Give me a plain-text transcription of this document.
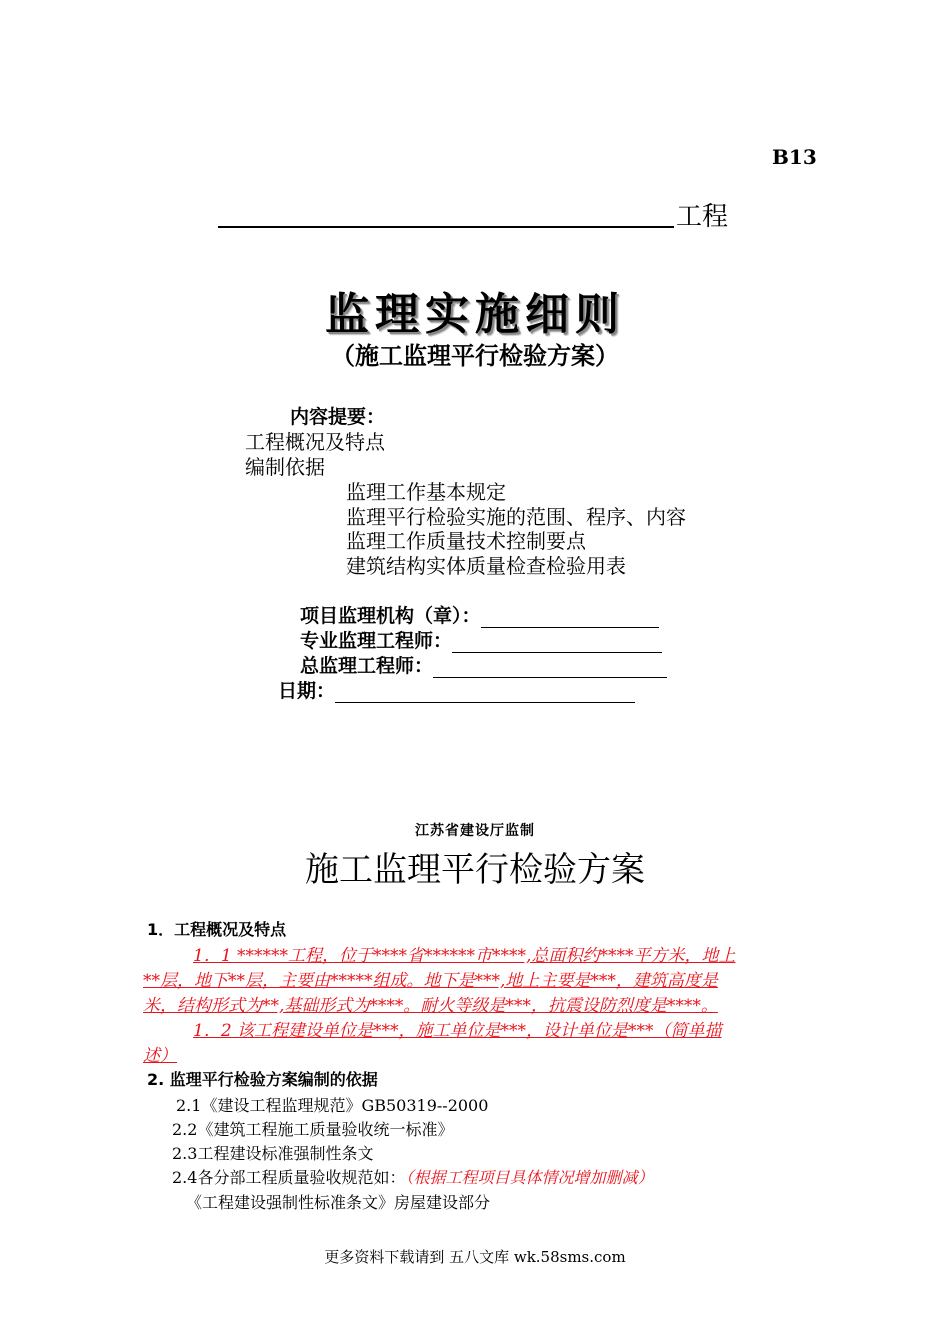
B13
工程
监理实施细则
（施工监理平行检验方案）
内容提要：
工程概况及特点
编制依据
监理工作基本规定
监理平行检验实施的范围、程序、内容
监理工作质量技术控制要点
建筑结构实体质量检查检验用表
项目监理机构（章）：
专业监理工程师：
总监理工程师：
日期：
江苏省建设厅监制
施工监理平行检验方案
1．工程概况及特点
1．1 ******工程，位于****省******市****,总面积约****平方米，地上
**层，地下**层，主要由*****组成。地下是***,地上主要是***，建筑高度是
米，结构形式为**,基础形式为****。耐火等级是***，抗震设防烈度是****。
1．2 该工程建设单位是***，施工单位是***，设计单位是***（简单描
述）
2. 监理平行检验方案编制的依据
2.1《建设工程监理规范》GB50319--2000
2.2《建筑工程施工质量验收统一标准》
2.3工程建设标准强制性条文
2.4各分部工程质量验收规范如：（根据工程项目具体情况增加删减）
《工程建设强制性标准条文》房屋建设部分
更多资料下载请到 五八文库 wk.58sms.com
